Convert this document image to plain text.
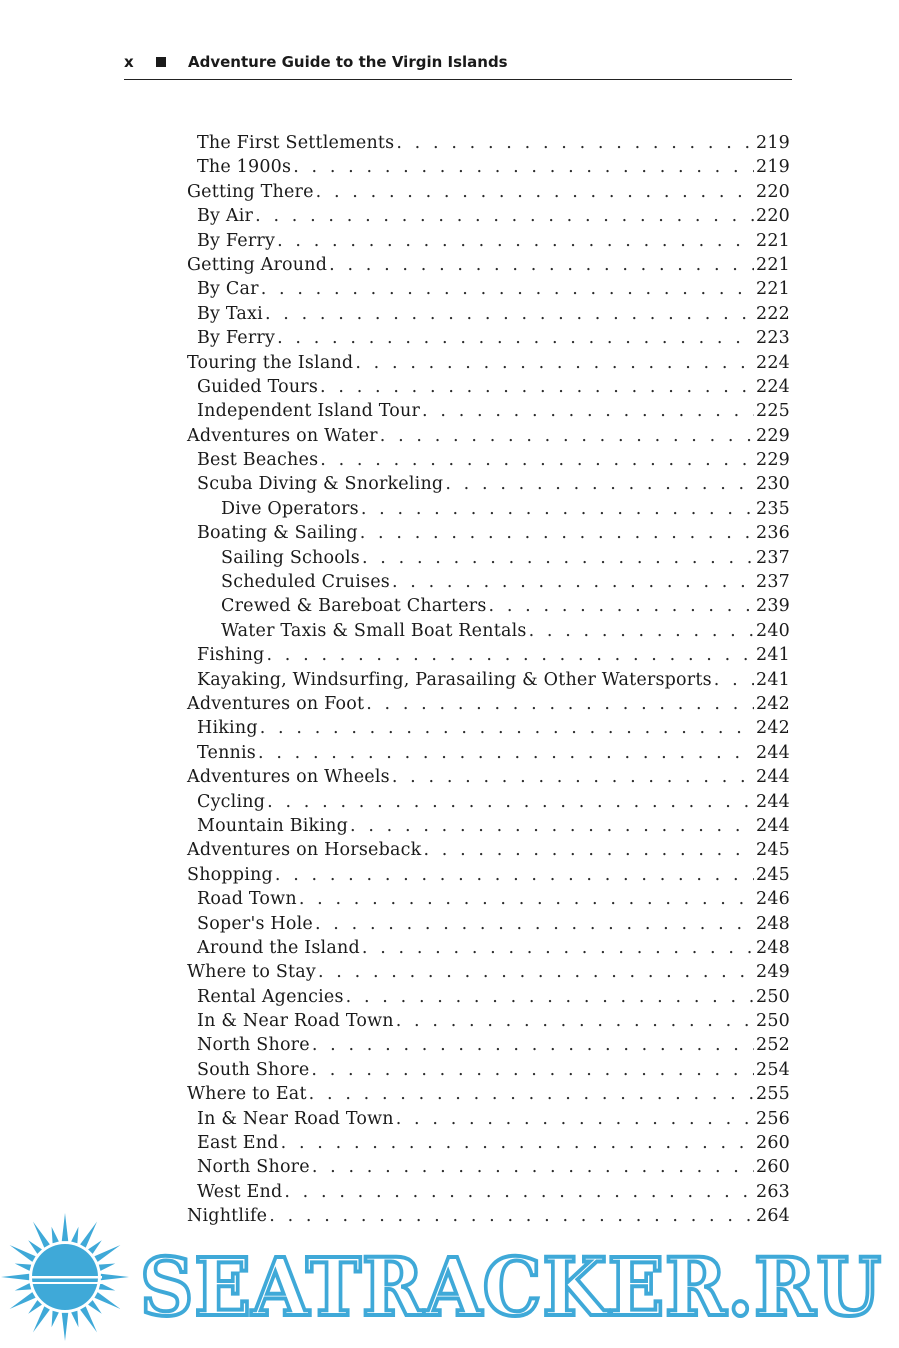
x	Adventure Guide to the Virgin Islands
The First Settlements . . .	219
The 1900s . . .	219
Getting There . . .	220
By Air . . .	220
By Ferry . . .	221
Getting Around . . .	221
By Car . . .	221
By Taxi . . .	222
By Ferry . . .	223
Touring the Island . . .	224
Guided Tours . . .	224
Independent Island Tour . . .	225
Adventures on Water . . .	229
Best Beaches . . .	229
Scuba Diving & Snorkeling . . .	230
Dive Operators . . .	235
Boating & Sailing . . .	236
Sailing Schools . . .	237
Scheduled Cruises . . .	237
Crewed & Bareboat Charters . . .	239
Water Taxis & Small Boat Rentals . . .	240
Fishing . . .	241
Kayaking, Windsurfing, Parasailing & Other Watersports . . .	241
Adventures on Foot . . .	242
Hiking . . .	242
Tennis . . .	244
Adventures on Wheels . . .	244
Cycling . . .	244
Mountain Biking . . .	244
Adventures on Horseback . . .	245
Shopping . . .	245
Road Town . . .	246
Soper's Hole . . .	248
Around the Island . . .	248
Where to Stay . . .	249
Rental Agencies . . .	250
In & Near Road Town . . .	250
North Shore . . .	252
South Shore . . .	254
Where to Eat . . .	255
In & Near Road Town . . .	256
East End . . .	260
North Shore . . .	260
West End . . .	263
Nightlife . . .	264
SEATRACKER.RU
